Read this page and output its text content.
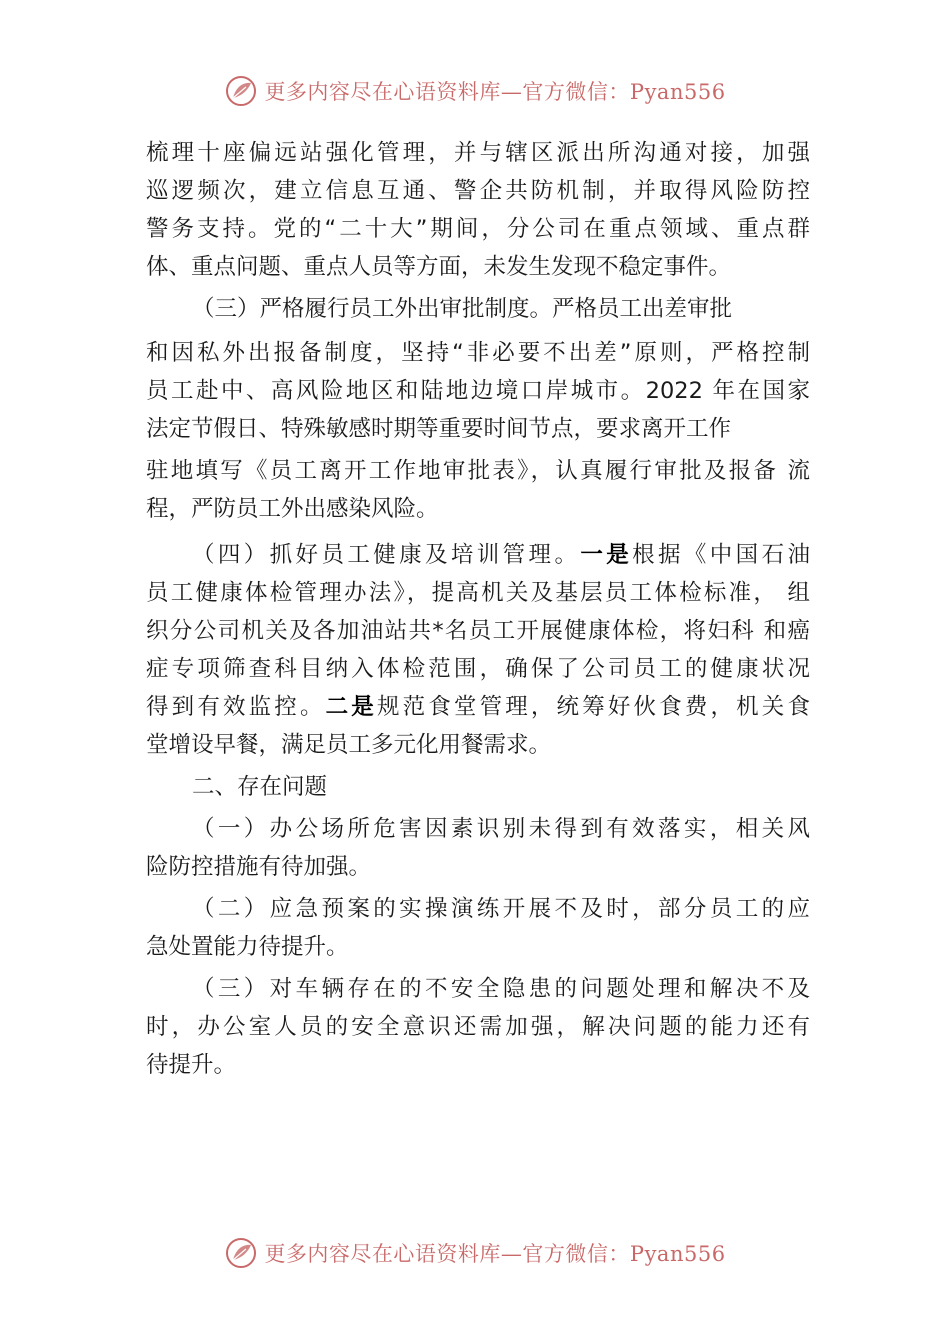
更多内容尽在心语资料库—官方微信：Pyan556
梳理十座偏远站强化管理，并与辖区派出所沟通对接，加强
巡逻频次，建立信息互通、警企共防机制，并取得风险防控
警务支持。党的“二十大”期间，分公司在重点领域、重点群
体、重点问题、重点人员等方面，未发生发现不稳定事件。
（三）严格履行员工外出审批制度。严格员工出差审批
和因私外出报备制度，坚持“非必要不出差”原则，严格控制
员工赴中、高风险地区和陆地边境口岸城市。2022 年在国家
法定节假日、特殊敏感时期等重要时间节点，要求离开工作
驻地填写《员工离开工作地审批表》，认真履行审批及报备 流
程，严防员工外出感染风险。
（四）抓好员工健康及培训管理。一是根据《中国石油
员工健康体检管理办法》，提高机关及基层员工体检标准， 组
织分公司机关及各加油站共*名员工开展健康体检，将妇科 和癌
症专项筛查科目纳入体检范围，确保了公司员工的健康状况
得到有效监控。二是规范食堂管理，统筹好伙食费，机关食
堂增设早餐，满足员工多元化用餐需求。
二、存在问题
（一）办公场所危害因素识别未得到有效落实，相关风
险防控措施有待加强。
（二）应急预案的实操演练开展不及时，部分员工的应
急处置能力待提升。
（三）对车辆存在的不安全隐患的问题处理和解决不及
时，办公室人员的安全意识还需加强，解决问题的能力还有
待提升。
更多内容尽在心语资料库—官方微信：Pyan556
